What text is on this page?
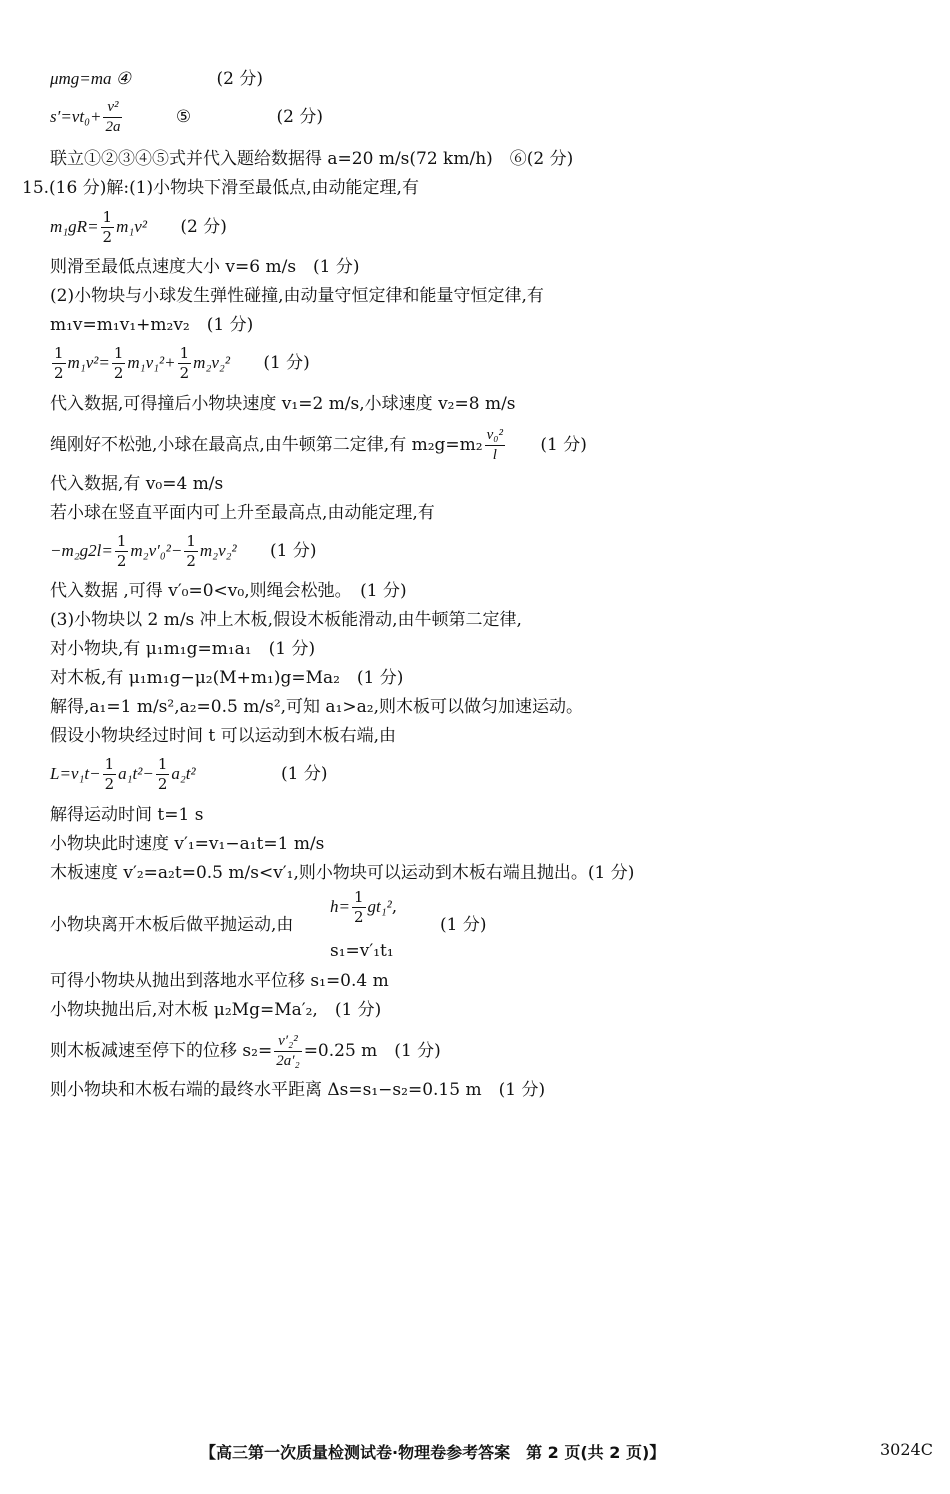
μmg=ma ④	(2 分)
$s'=vt_0+ \frac{\text{v²}}{2a}$	⑤	(2 分)
联立①②③④⑤式并代入题给数据得 a=20 m/s(72 km/h)　⑥(2 分)
15.(16 分)解:(1)小物块下滑至最低点,由动能定理,有
$m_1gR= \frac{1}{2} m_1v^2$ (2 分)
则滑至最低点速度大小 v=6 m/s　(1 分)
(2)小物块与小球发生弹性碰撞,由动量守恒定律和能量守恒定律,有
m₁v=m₁v₁+m₂v₂　(1 分)
$\frac{1}{2} m_1v^2= \frac{1}{2} m_1v_1^2+ \frac{1}{2} m_2v_2^2$ (1 分)
代入数据,可得撞后小物块速度 v₁=2 m/s,小球速度 v₂=8 m/s
绳刚好不松弛,小球在最高点,由牛顿第二定律,有 $m_2g=m_2 \frac{\text{v₀²}}{l} (1$ 分)
代入数据,有 v₀=4 m/s
若小球在竖直平面内可上升至最高点,由动能定理,有
$-m_2g2l= \frac{1}{2} m_2v'_0^2- \frac{1}{2} m_2v_2^2$ (1 分)
代入数据 ,可得 v′₀=0<v₀,则绳会松弛。　(1 分)
(3)小物块以 2 m/s 冲上木板,假设木板能滑动,由牛顿第二定律,
对小物块,有 μ₁m₁g=m₁a₁　(1 分)
对木板,有 μ₁m₁g−μ₂(M+m₁)g=Ma₂　(1 分)
解得,a₁=1 m/s²,a₂=0.5 m/s²,可知 a₁>a₂,则木板可以做匀加速运动。
假设小物块经过时间 t 可以运动到木板右端,由
$L=v_1t- \frac{1}{2} a_1t^2- \frac{1}{2} a_2t^2$	(1 分)
解得运动时间 t=1 s
小物块此时速度 v′₁=v₁−a₁t=1 m/s
木板速度 v′₂=a₂t=0.5 m/s<v′₁,则小物块可以运动到木板右端且抛出。(1 分)
小物块离开木板后做平抛运动,由
$h= \frac{1}{2} gt_1^2$,
s₁=v′₁t₁
(1 分)
可得小物块从抛出到落地水平位移 s₁=0.4 m
小物块抛出后,对木板 μ₂Mg=Ma′₂,　(1 分)
则木板减速至停下的位移 $s_2= \frac{\text{v′₂²}}{\text{2a′₂}} =0.25$ m　(1 分)
则小物块和木板右端的最终水平距离 Δs=s₁−s₂=0.15 m　(1 分)
【高三第一次质量检测试卷·物理卷参考答案　第 2 页(共 2 页)】	3024C
